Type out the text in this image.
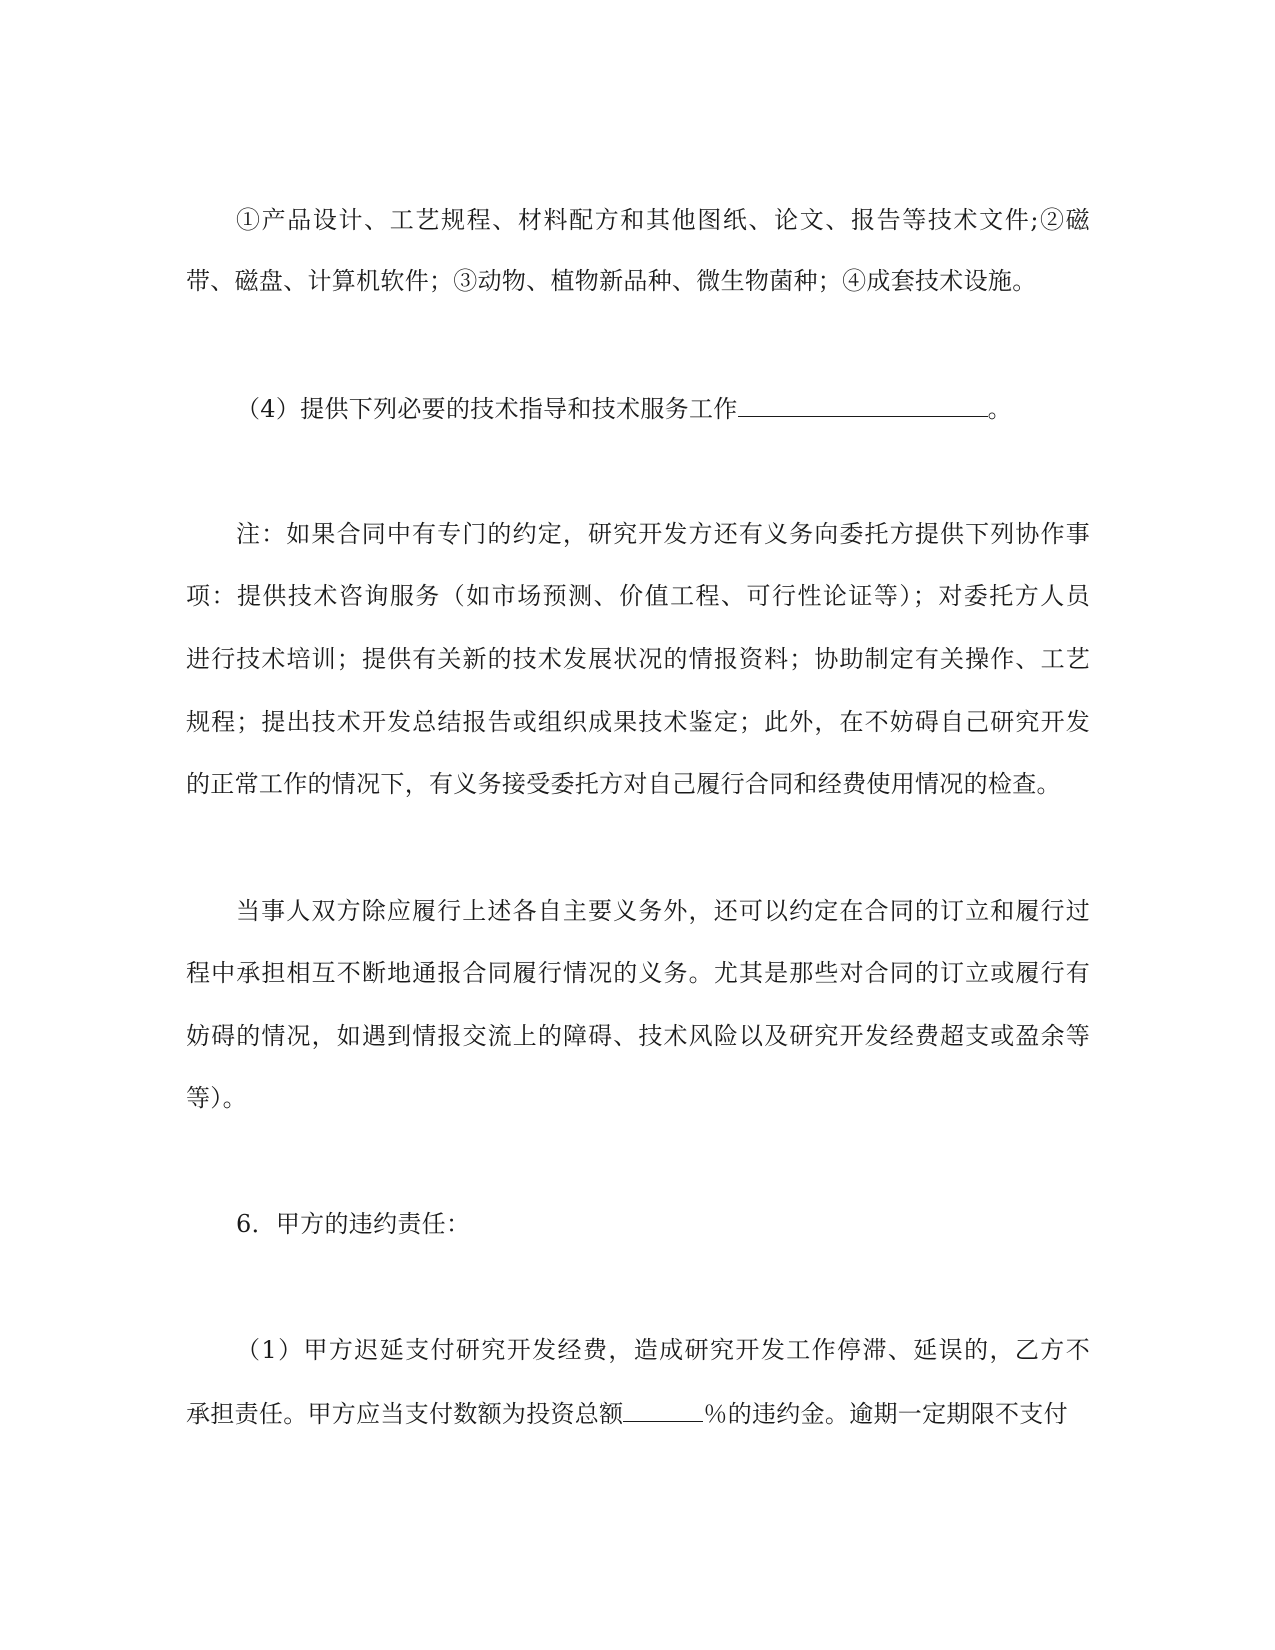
①产品设计、工艺规程、材料配方和其他图纸、论文、报告等技术文件;②磁
带、磁盘、计算机软件；③动物、植物新品种、微生物菌种；④成套技术设施。
（4）提供下列必要的技术指导和技术服务工作	。
注：如果合同中有专门的约定，研究开发方还有义务向委托方提供下列协作事
项：提供技术咨询服务（如市场预测、价值工程、可行性论证等）；对委托方人员
进行技术培训；提供有关新的技术发展状况的情报资料；协助制定有关操作、工艺
规程；提出技术开发总结报告或组织成果技术鉴定；此外，在不妨碍自己研究开发
的正常工作的情况下，有义务接受委托方对自己履行合同和经费使用情况的检查。
当事人双方除应履行上述各自主要义务外，还可以约定在合同的订立和履行过
程中承担相互不断地通报合同履行情况的义务。尤其是那些对合同的订立或履行有
妨碍的情况，如遇到情报交流上的障碍、技术风险以及研究开发经费超支或盈余等
等）。
6．甲方的违约责任：
（1）甲方迟延支付研究开发经费，造成研究开发工作停滞、延误的，乙方不
承担责任。甲方应当支付数额为投资总额	％的违约金。逾期一定期限不支付
